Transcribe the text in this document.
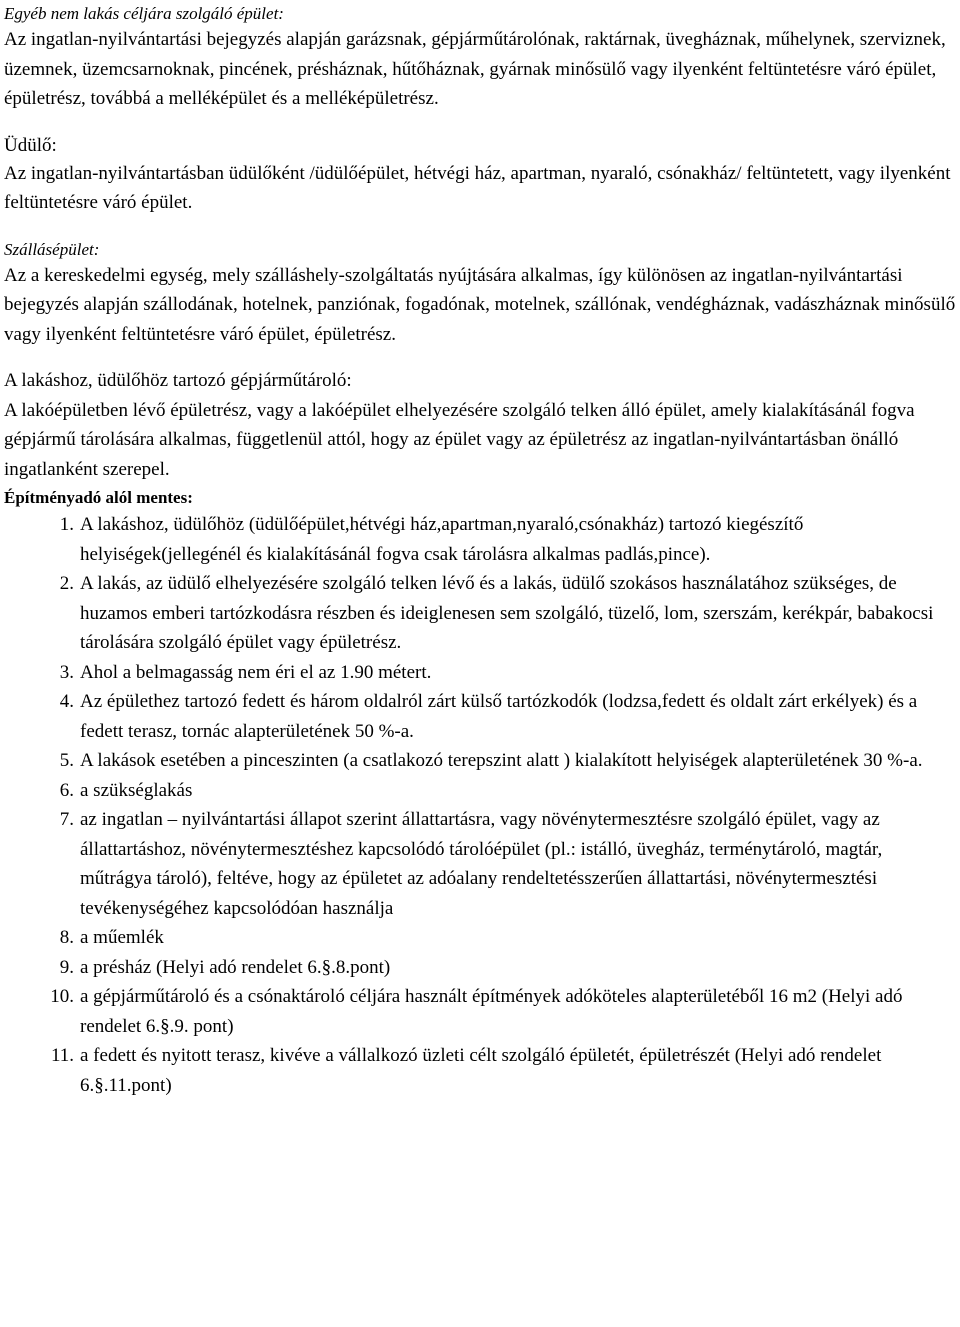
Egyéb nem lakás céljára szolgáló épület:

Az ingatlan-nyilvántartási bejegyzés alapján garázsnak, gépjárműtárolónak, raktárnak, üvegháznak, műhelynek, szerviznek, üzemnek, üzemcsarnoknak, pincének, présháznak, hűtőháznak, gyárnak minősülő vagy ilyenként feltüntetésre váró épület, épületrész, továbbá a melléképület és a melléképületrész.

Üdülő:

Az ingatlan-nyilvántartásban üdülőként /üdülőépület, hétvégi ház, apartman, nyaraló, csónakház/ feltüntetett, vagy ilyenként feltüntetésre váró épület.

Szállásépület:

Az a kereskedelmi egység, mely szálláshely-szolgáltatás nyújtására alkalmas, így különösen az ingatlan-nyilvántartási bejegyzés alapján szállodának, hotelnek, panziónak, fogadónak, motelnek, szállónak, vendégháznak, vadászháznak minősülő vagy ilyenként feltüntetésre váró épület, épületrész.

A lakáshoz, üdülőhöz tartozó gépjárműtároló:

A lakóépületben lévő épületrész, vagy a lakóépület elhelyezésére szolgáló telken álló épület, amely kialakításánál fogva gépjármű tárolására alkalmas, függetlenül attól, hogy az épület vagy az épületrész az ingatlan-nyilvántartásban önálló ingatlanként szerepel.

Építményadó alól mentes:

1. A lakáshoz, üdülőhöz (üdülőépület,hétvégi ház,apartman,nyaraló,csónakház) tartozó kiegészítő helyiségek(jellegénél és kialakításánál fogva csak tárolásra alkalmas padlás,pince).
2. A lakás, az üdülő elhelyezésére szolgáló telken lévő és a lakás, üdülő szokásos használatához szükséges, de huzamos emberi tartózkodásra részben és ideiglenesen sem szolgáló, tüzelő, lom, szerszám, kerékpár, babakocsi tárolására szolgáló épület vagy épületrész.
3. Ahol a belmagasság nem éri el az 1.90 métert.
4. Az épülethez tartozó fedett és három oldalról zárt külső tartózkodók (lodzsa,fedett és oldalt zárt erkélyek) és a fedett terasz, tornác alapterületének 50 %-a.
5. A lakások esetében a pinceszinten (a csatlakozó terepszint alatt ) kialakított helyiségek alapterületének 30 %-a.
6. a szükséglakás
7. az ingatlan – nyilvántartási állapot szerint állattartásra, vagy növénytermesztésre szolgáló épület, vagy az állattartáshoz, növénytermesztéshez kapcsolódó tárolóépület (pl.: istálló, üvegház, terménytároló, magtár, műtrágya tároló), feltéve, hogy az épületet az adóalany rendeltetésszerűen állattartási, növénytermesztési tevékenységéhez kapcsolódóan használja
8. a műemlék
9. a présház (Helyi adó rendelet 6.§.8.pont)
10. a gépjárműtároló és a csónaktároló céljára használt építmények adóköteles alapterületéből 16 m2 (Helyi adó rendelet 6.§.9. pont)
11. a fedett és nyitott terasz, kivéve a vállalkozó üzleti célt szolgáló épületét, épületrészét (Helyi adó rendelet 6.§.11.pont)
